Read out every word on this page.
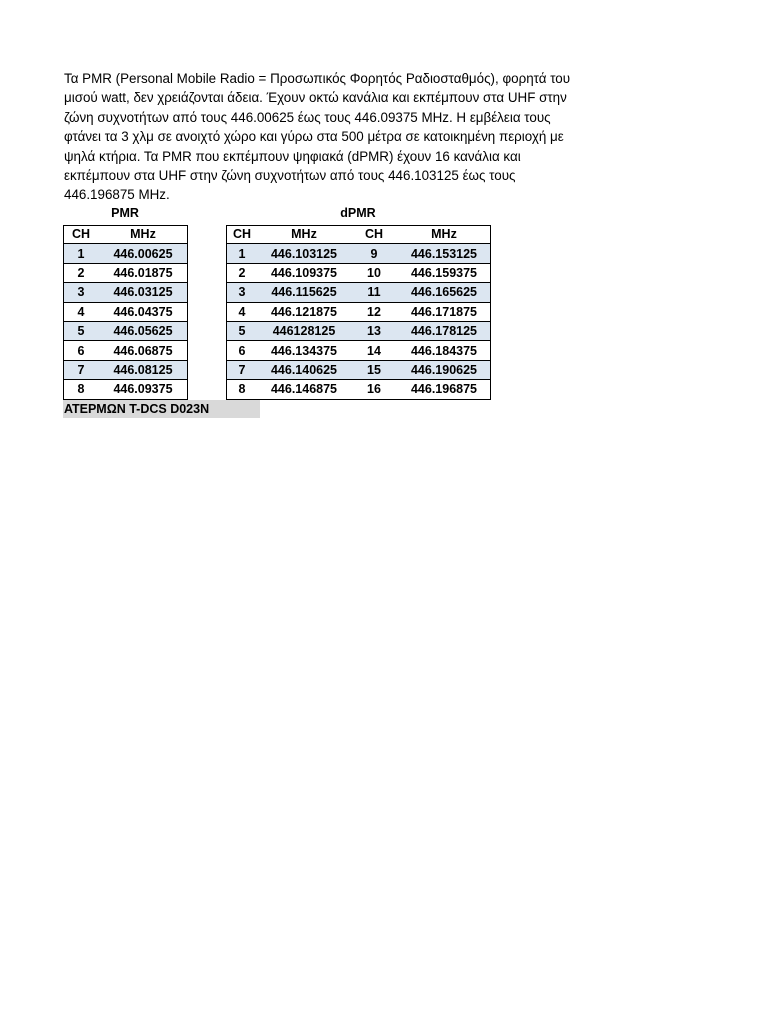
Τα PMR (Personal Mobile Radio = Προσωπικός Φορητός Ραδιοσταθμός), φορητά του
μισού watt, δεν χρειάζονται άδεια. Έχουν οκτώ κανάλια και εκπέμπουν στα UHF στην
ζώνη συχνοτήτων από τους 446.00625 έως τους 446.09375 MHz. Η εμβέλεια τους
φτάνει τα 3 χλμ σε ανοιχτό χώρο και γύρω στα 500 μέτρα σε κατοικημένη περιοχή με
ψηλά κτήρια. Τα PMR που εκπέμπουν ψηφιακά (dPMR) έχουν 16 κανάλια και
εκπέμπουν στα UHF στην ζώνη συχνοτήτων από τους 446.103125 έως τους
446.196875 MHz.
PMR	dPMR
CH	MHz
1	446.00625
2	446.01875
3	446.03125
4	446.04375
5	446.05625
6	446.06875
7	446.08125
8	446.09375
CH	MHz	CH	MHz
1	446.103125	9	446.153125
2	446.109375	10	446.159375
3	446.115625	11	446.165625
4	446.121875	12	446.171875
5	446128125	13	446.178125
6	446.134375	14	446.184375
7	446.140625	15	446.190625
8	446.146875	16	446.196875
ΑΤΕΡΜΩΝ T-DCS D023N
